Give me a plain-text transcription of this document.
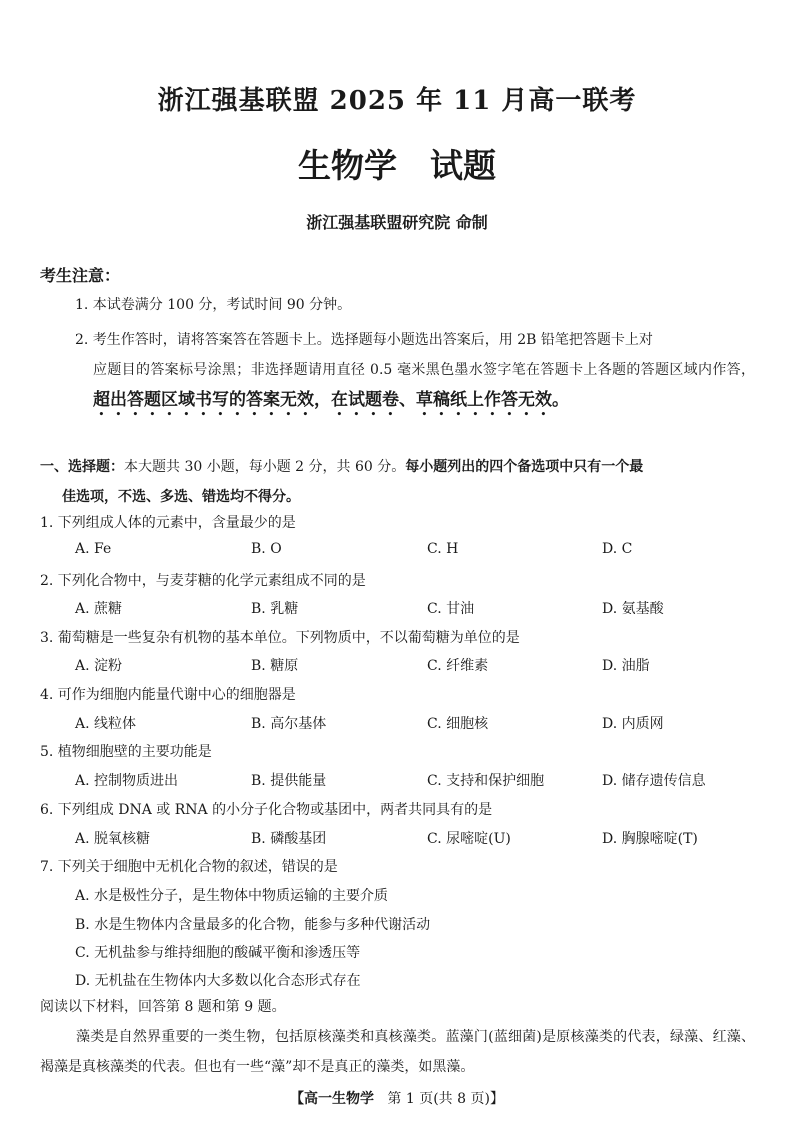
浙江强基联盟 2025 年 11 月高一联考
生物学　试题
浙江强基联盟研究院 命制
考生注意：
1. 本试卷满分 100 分，考试时间 90 分钟。
2. 考生作答时，请将答案答在答题卡上。选择题每小题选出答案后，用 2B 铅笔把答题卡上对
应题目的答案标号涂黑；非选择题请用直径 0.5 毫米黑色墨水签字笔在答题卡上各题的答题区域内作答，超出答题区域书写的答案无效，在试题卷、草稿纸上作答无效。
一、选择题：本大题共 30 小题，每小题 2 分，共 60 分。每小题列出的四个备选项中只有一个最
佳选项，不选、多选、错选均不得分。
1. 下列组成人体的元素中，含量最少的是
A. Fe	B. O	C. H	D. C
2. 下列化合物中，与麦芽糖的化学元素组成不同的是
A. 蔗糖	B. 乳糖	C. 甘油	D. 氨基酸
3. 葡萄糖是一些复杂有机物的基本单位。下列物质中，不以葡萄糖为单位的是
A. 淀粉	B. 糖原	C. 纤维素	D. 油脂
4. 可作为细胞内能量代谢中心的细胞器是
A. 线粒体	B. 高尔基体	C. 细胞核	D. 内质网
5. 植物细胞壁的主要功能是
A. 控制物质进出	B. 提供能量	C. 支持和保护细胞	D. 储存遗传信息
6. 下列组成 DNA 或 RNA 的小分子化合物或基团中，两者共同具有的是
A. 脱氧核糖	B. 磷酸基团	C. 尿嘧啶(U)	D. 胸腺嘧啶(T)
7. 下列关于细胞中无机化合物的叙述，错误的是
A. 水是极性分子，是生物体中物质运输的主要介质
B. 水是生物体内含量最多的化合物，能参与多种代谢活动
C. 无机盐参与维持细胞的酸碱平衡和渗透压等
D. 无机盐在生物体内大多数以化合态形式存在
阅读以下材料，回答第 8 题和第 9 题。
藻类是自然界重要的一类生物，包括原核藻类和真核藻类。蓝藻门(蓝细菌)是原核藻类的代表，绿藻、红藻、褐藻是真核藻类的代表。但也有一些“藻”却不是真正的藻类，如黑藻。
【高一生物学 第 1 页(共 8 页)】
